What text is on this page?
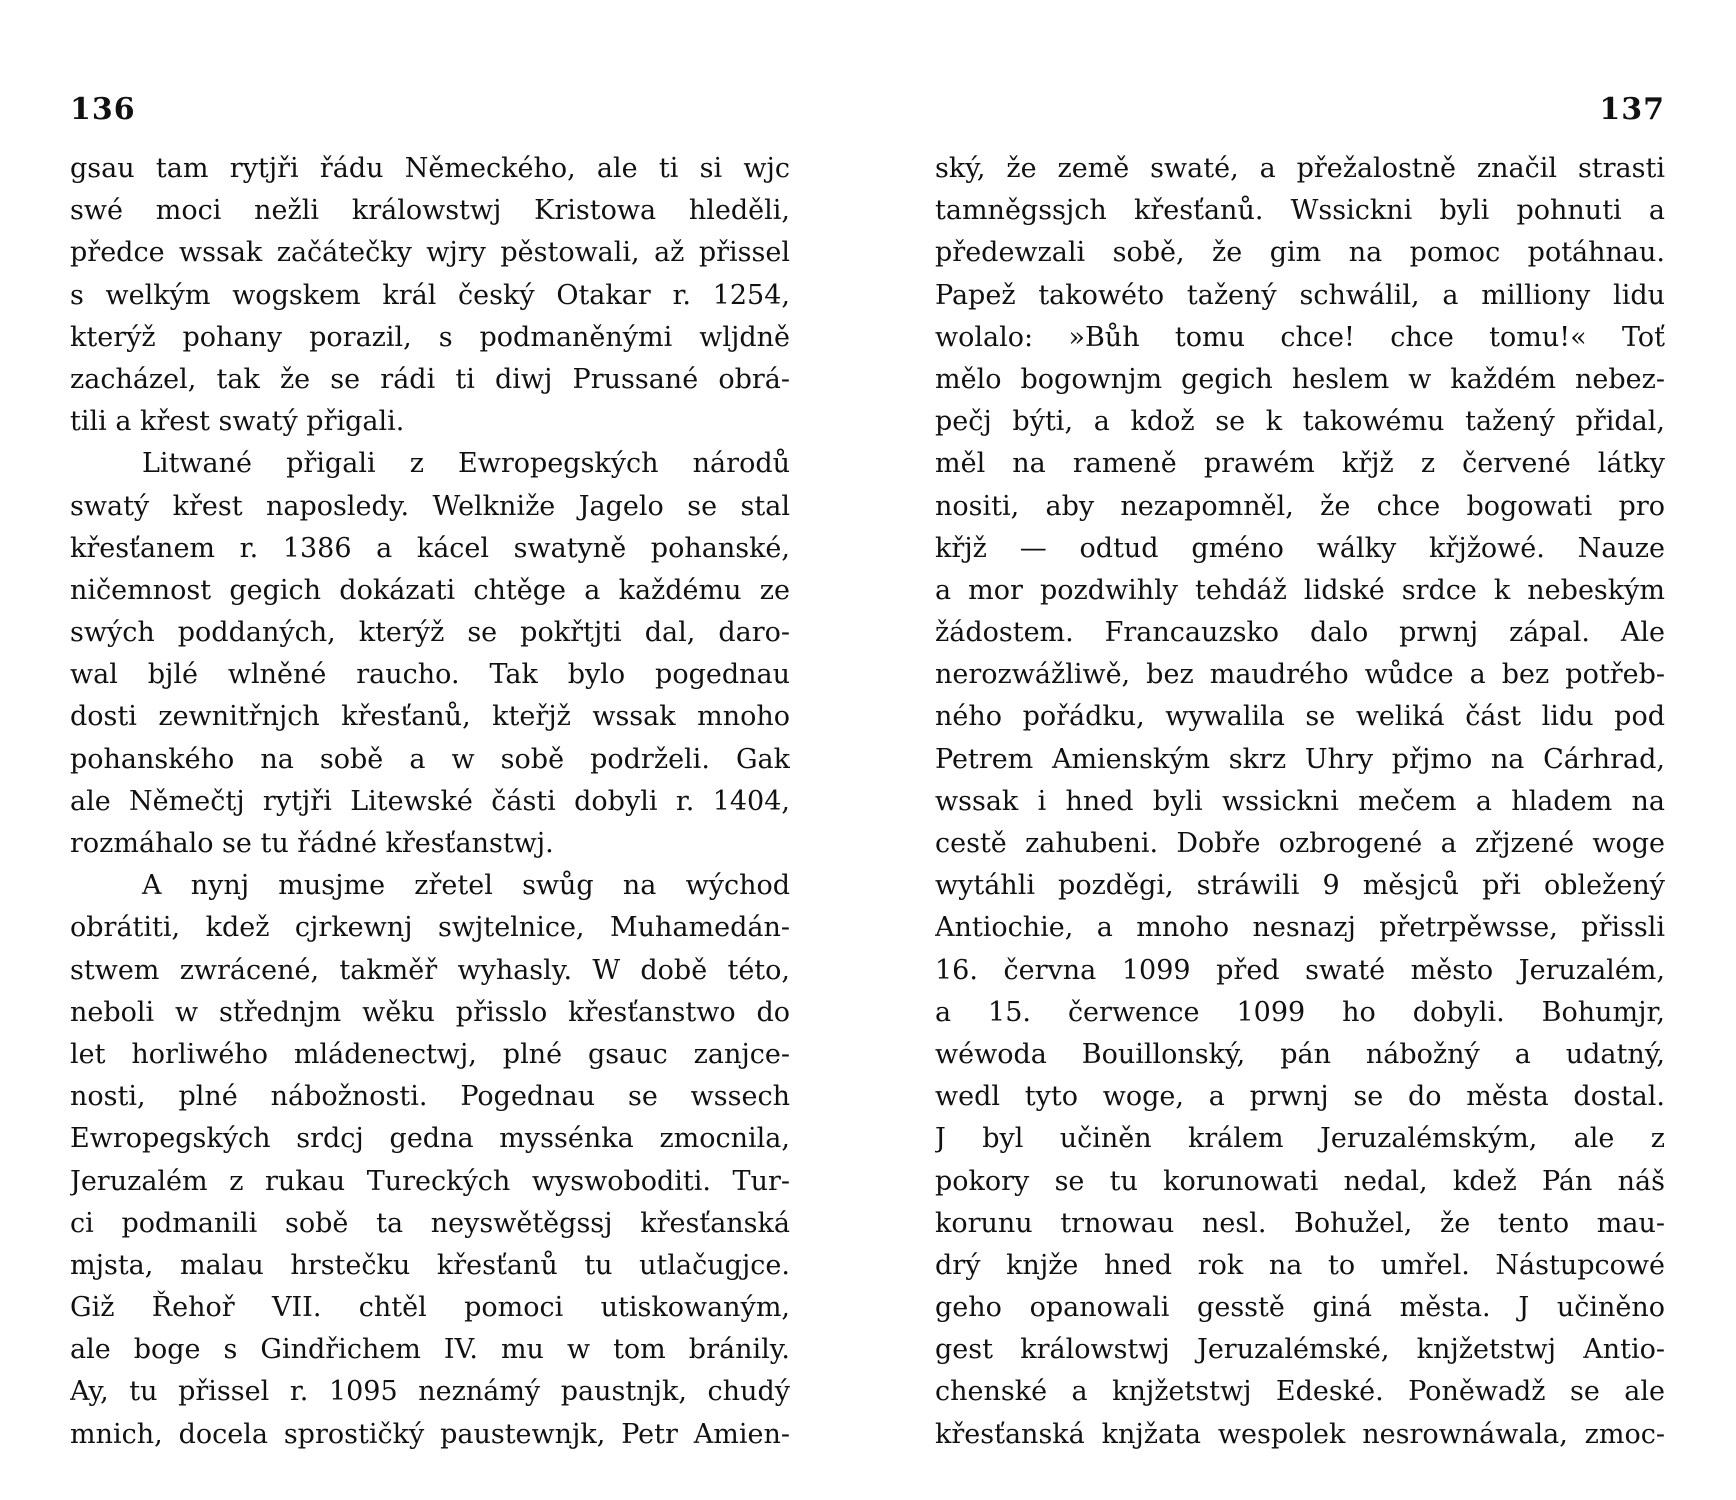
136
gsau tam rytjři řádu Německého, ale ti si wjc
swé moci nežli králowstwj Kristowa hleděli,
předce wssak začátečky wjry pěstowali, až přissel
s welkým wogskem král český Otakar r. 1254,
kterýž pohany porazil, s podmaněnými wljdně
zacházel, tak že se rádi ti diwj Prussané obrá-
tili a křest swatý přigali.
Litwané přigali z Ewropegských národů
swatý křest naposledy. Welkniže Jagelo se stal
křesťanem r. 1386 a kácel swatyně pohanské,
ničemnost gegich dokázati chtěge a každému ze
swých poddaných, kterýž se pokřtjti dal, daro-
wal bjlé wlněné raucho. Tak bylo pogednau
dosti zewnitřnjch křesťanů, kteřjž wssak mnoho
pohanského na sobě a w sobě podrželi. Gak
ale Němečtj rytjři Litewské části dobyli r. 1404,
rozmáhalo se tu řádné křesťanstwj.
A nynj musjme zřetel swůg na wýchod
obrátiti, kdež cjrkewnj swjtelnice, Muhamedán-
stwem zwrácené, takměř wyhasly. W době této,
neboli w střednjm wěku přisslo křesťanstwo do
let horliwého mládenectwj, plné gsauc zanjce-
nosti, plné nábožnosti. Pogednau se wssech
Ewropegských srdcj gedna myssénka zmocnila,
Jeruzalém z rukau Tureckých wyswoboditi. Tur-
ci podmanili sobě ta neyswětěgssj křesťanská
mjsta, malau hrstečku křesťanů tu utlačugjce.
Giž Řehoř VII. chtěl pomoci utiskowaným,
ale boge s Gindřichem IV. mu w tom bránily.
Ay, tu přissel r. 1095 neznámý paustnjk, chudý
mnich, docela sprostičký paustewnjk, Petr Amien-
137
ský, že země swaté, a přežalostně značil strasti
tamněgssjch křesťanů. Wssickni byli pohnuti a
předewzali sobě, že gim na pomoc potáhnau.
Papež takowéto tažený schwálil, a milliony lidu
wolalo: »Bůh tomu chce! chce tomu!« Toť
mělo bogownjm gegich heslem w každém nebez-
pečj býti, a kdož se k takowému tažený přidal,
měl na rameně prawém křjž z červené látky
nositi, aby nezapomněl, že chce bogowati pro
křjž — odtud gméno wálky křjžowé. Nauze
a mor pozdwihly tehdáž lidské srdce k nebeským
žádostem. Francauzsko dalo prwnj zápal. Ale
nerozwážliwě, bez maudrého wůdce a bez potřeb-
ného pořádku, wywalila se weliká část lidu pod
Petrem Amienským skrz Uhry přjmo na Cárhrad,
wssak i hned byli wssickni mečem a hladem na
cestě zahubeni. Dobře ozbrogené a zřjzené woge
wytáhli pozděgi, stráwili 9 měsjců při obležený
Antiochie, a mnoho nesnazj přetrpěwsse, přissli
16. června 1099 před swaté město Jeruzalém,
a 15. čerwence 1099 ho dobyli. Bohumjr,
wéwoda Bouillonský, pán nábožný a udatný,
wedl tyto woge, a prwnj se do města dostal.
J byl učiněn králem Jeruzalémským, ale z
pokory se tu korunowati nedal, kdež Pán náš
korunu trnowau nesl. Bohužel, že tento mau-
drý knjže hned rok na to umřel. Nástupcowé
geho opanowali gesstě giná města. J učiněno
gest králowstwj Jeruzalémské, knjžetstwj Antio-
chenské a knjžetstwj Edeské. Poněwadž se ale
křesťanská knjžata wespolek nesrownáwala, zmoc-
